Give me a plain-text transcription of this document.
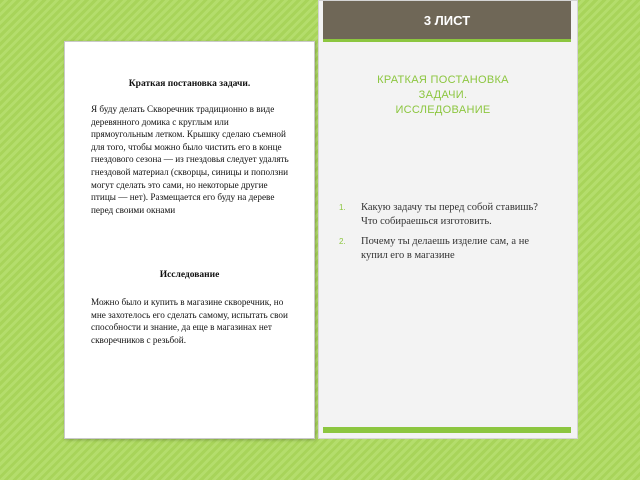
Краткая постановка задачи.
Я буду делать Скворечник традиционно в виде деревянного домика с круглым или прямоугольным летком. Крышку сделаю съемной для того, чтобы можно было чистить его в конце гнездового сезона — из гнездовья следует удалять гнездовой материал (скворцы, синицы и поползни могут сделать это сами, но некоторые другие птицы — нет). Размещается его буду на дереве перед своими окнами
Исследование
Можно было и купить в магазине скворечник, но мне захотелось его сделать самому, испытать свои способности и знание, да еще в магазинах нет скворечников с резьбой.
3 ЛИСТ
КРАТКАЯ ПОСТАНОВКА
ЗАДАЧИ.
ИССЛЕДОВАНИЕ
1.	Какую задачу ты перед собой ставишь? Что собираешься изготовить.
2.	Почему ты делаешь изделие сам, а не купил его в магазине
